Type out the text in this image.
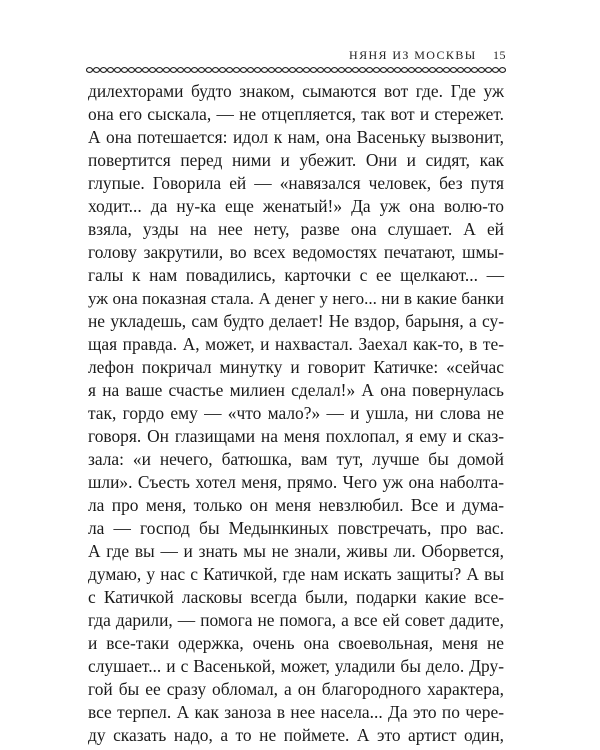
НЯНЯ ИЗ МОСКВЫ 15
дилехторами будто знаком, сымаются вот где. Где уж
она его сыскала, — не отцепляется, так вот и стережет.
А она потешается: идол к нам, она Васеньку вызвонит,
повертится перед ними и убежит. Они и сидят, как
глупые. Говорила ей — «навязался человек, без путя
ходит... да ну-ка еще женатый!» Да уж она волю-то
взяла, узды на нее нету, разве она слушает. А ей
голову закрутили, во всех ведомостях печатают, шмы-
галы к нам повадились, карточки с ее щелкают... —
уж она показная стала. А денег у него... ни в какие банки
не укладешь, сам будто делает! Не вздор, барыня, а су-
щая правда. А, может, и нахвастал. Заехал как-то, в те-
лефон покричал минутку и говорит Катичке: «сейчас
я на ваше счастье милиен сделал!» А она повернулась
так, гордо ему — «что мало?» — и ушла, ни слова не
говоря. Он глазищами на меня похлопал, я ему и сказ-
зала: «и нечего, батюшка, вам тут, лучше бы домой
шли». Съесть хотел меня, прямо. Чего уж она наболта-
ла про меня, только он меня невзлюбил. Все и дума-
ла — господ бы Медынкиных повстречать, про вас.
А где вы — и знать мы не знали, живы ли. Оборвется,
думаю, у нас с Катичкой, где нам искать защиты? А вы
с Катичкой ласковы всегда были, подарки какие все-
гда дарили, — помога не помога, а все ей совет дадите,
и все-таки одержка, очень она своевольная, меня не
слушает... и с Васенькой, может, уладили бы дело. Дру-
гой бы ее сразу обломал, а он благородного характера,
все терпел. А как заноза в нее насела... Да это по чере-
ду сказать надо, а то не поймете. А это артист один,
